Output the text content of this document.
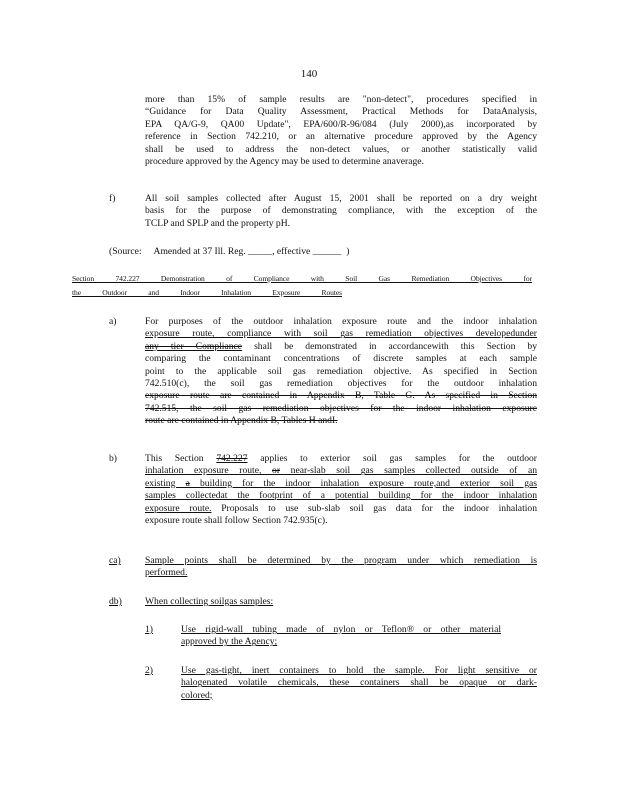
140
more than 15% of sample results are "non-detect", procedures specified in
“Guidance for Data Quality Assessment, Practical Methods for DataAnalysis,
EPA QA/G-9, QA00 Update", EPA/600/R-96/084 (July 2000),as incorporated by
reference in Section 742.210, or an alternative procedure approved by the Agency
shall be used to address the non-detect values, or another statistically valid
procedure approved by the Agency may be used to determine anaverage.
f)	All soil samples collected after August 15, 2001 shall be reported on a dry weight
basis for the purpose of demonstrating compliance, with the exception of the
TCLP and SPLP and the property pH.
(Source: Amended at 37 Ill. Reg. _____, effective ______ )
Section 742.227 Demonstration of Compliance with Soil Gas Remediation Objectives for
the Outdoor and Indoor Inhalation Exposure Routes
a)	For purposes of the outdoor inhalation exposure route and the indoor inhalation
exposure route, compliance with soil gas remediation objectives developedunder
any tier Compliance shall be demonstrated in accordancewith this Section by
comparing the contaminant concentrations of discrete samples at each sample
point to the applicable soil gas remediation objective. As specified in Section
742.510(c), the soil gas remediation objectives for the outdoor inhalation
exposure route are contained in Appendix B, Table G. As specified in Section
742.515, the soil gas remediation objectives for the indoor inhalation exposure
route are contained in Appendix B, Tables H andI.
b)	This Section 742.227 applies to exterior soil gas samples for the outdoor
inhalation exposure route, or near-slab soil gas samples collected outside of an
existing a building for the indoor inhalation exposure route,and exterior soil gas
samples collectedat the footprint of a potential building for the indoor inhalation
exposure route. Proposals to use sub-slab soil gas data for the indoor inhalation
exposure route shall follow Section 742.935(c).
ca)	Sample points shall be determined by the program under which remediation is
performed.
db) When collecting soilgas samples:
1)	Use rigid-wall tubing made of nylon or Teflon® or other material
approved by the Agency;
2)	Use gas-tight, inert containers to hold the sample. For light sensitive or
halogenated volatile chemicals, these containers shall be opaque or dark-
colored;
